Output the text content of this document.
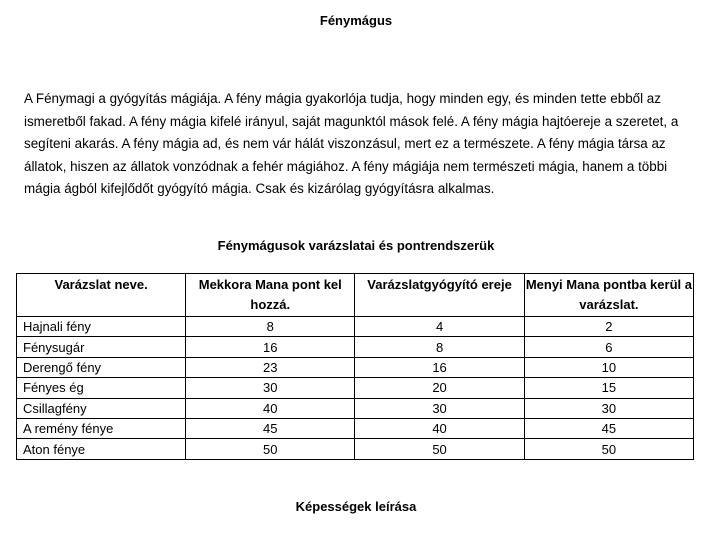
Fénymágus

A Fénymagi a gyógyítás mágiája. A fény mágia gyakorlója tudja, hogy minden egy, és minden tette ebből az ismeretből fakad. A fény mágia kifelé irányul, saját magunktól mások felé. A fény mágia hajtóereje a szeretet, a segíteni akarás. A fény mágia ad, és nem vár hálát viszonzásul, mert ez a természete. A fény mágia társa az állatok, hiszen az állatok vonzódnak a fehér mágiához. A fény mágiája nem természeti mágia, hanem a többi mágia ágból kifejlődőt gyógyító mágia. Csak és kizárólag gyógyításra alkalmas.

Fénymágusok varázslatai és pontrendszerük
Varázslat neve.	Mekkora Mana pont kel hozzá.	Varázslatgyógyító ereje	Menyi Mana pontba kerül a varázslat.
Hajnali fény	8	4	2
Fénysugár	16	8	6
Derengő fény	23	16	10
Fényes ég	30	20	15
Csillagfény	40	30	30
A remény fénye	45	40	45
Aton fénye	50	50	50
Képességek leírása
